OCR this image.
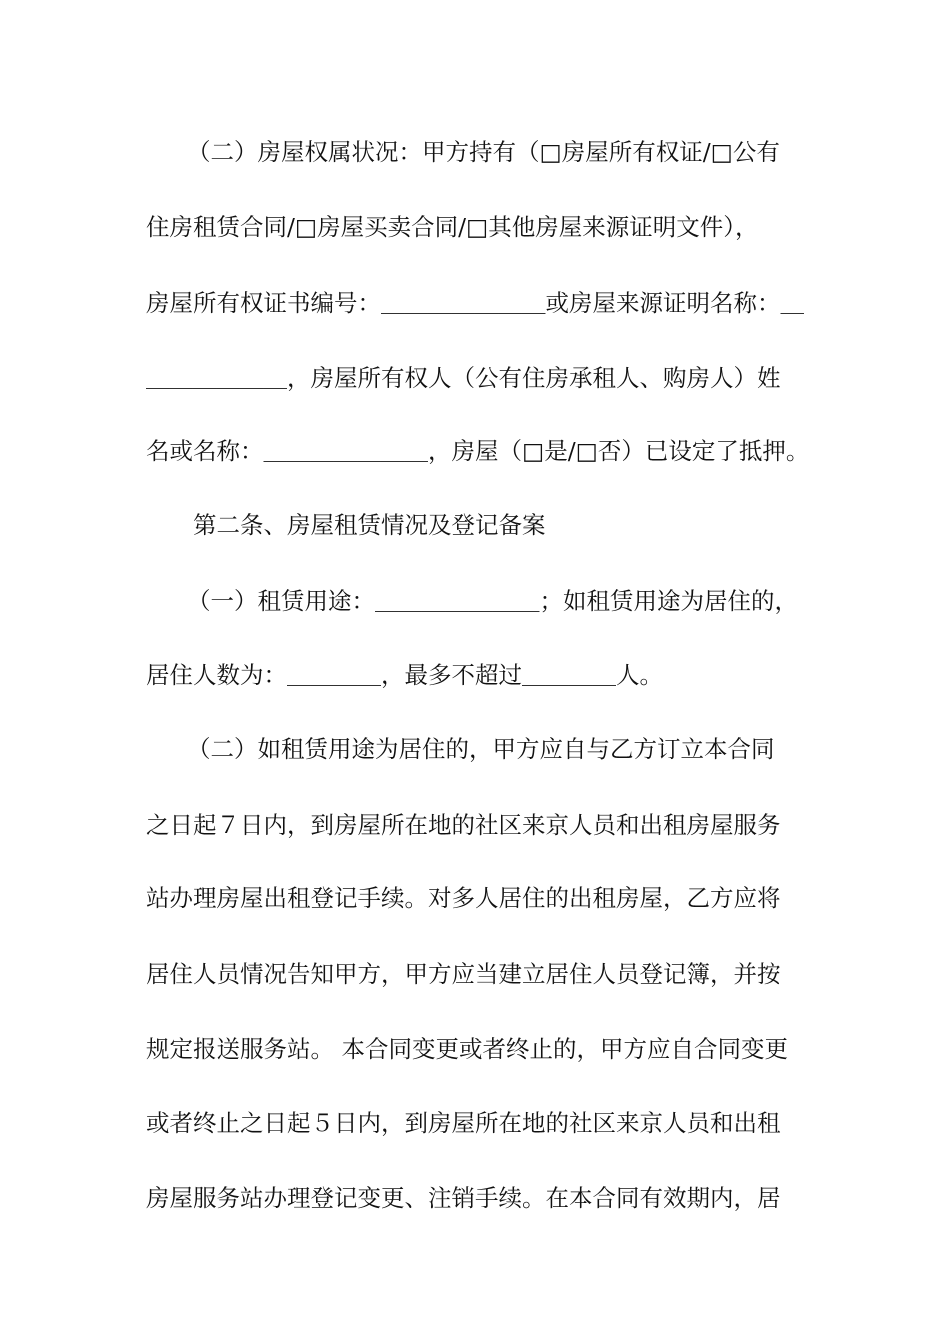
（二）房屋权属状况：甲方持有（□房屋所有权证/□公有
住房租赁合同/□房屋买卖合同/□其他房屋来源证明文件），
房屋所有权证书编号：＿＿＿＿＿＿＿或房屋来源证明名称：＿
＿＿＿＿＿＿，房屋所有权人（公有住房承租人、购房人）姓
名或名称：＿＿＿＿＿＿＿，房屋（□是/□否）已设定了抵押。
第二条、房屋租赁情况及登记备案
（一）租赁用途：＿＿＿＿＿＿＿；如租赁用途为居住的，
居住人数为：＿＿＿＿，最多不超过＿＿＿＿人。
（二）如租赁用途为居住的，甲方应自与乙方订立本合同
之日起７日内，到房屋所在地的社区来京人员和出租房屋服务
站办理房屋出租登记手续。对多人居住的出租房屋，乙方应将
居住人员情况告知甲方，甲方应当建立居住人员登记簿，并按
规定报送服务站。 本合同变更或者终止的，甲方应自合同变更
或者终止之日起５日内，到房屋所在地的社区来京人员和出租
房屋服务站办理登记变更、注销手续。在本合同有效期内，居
